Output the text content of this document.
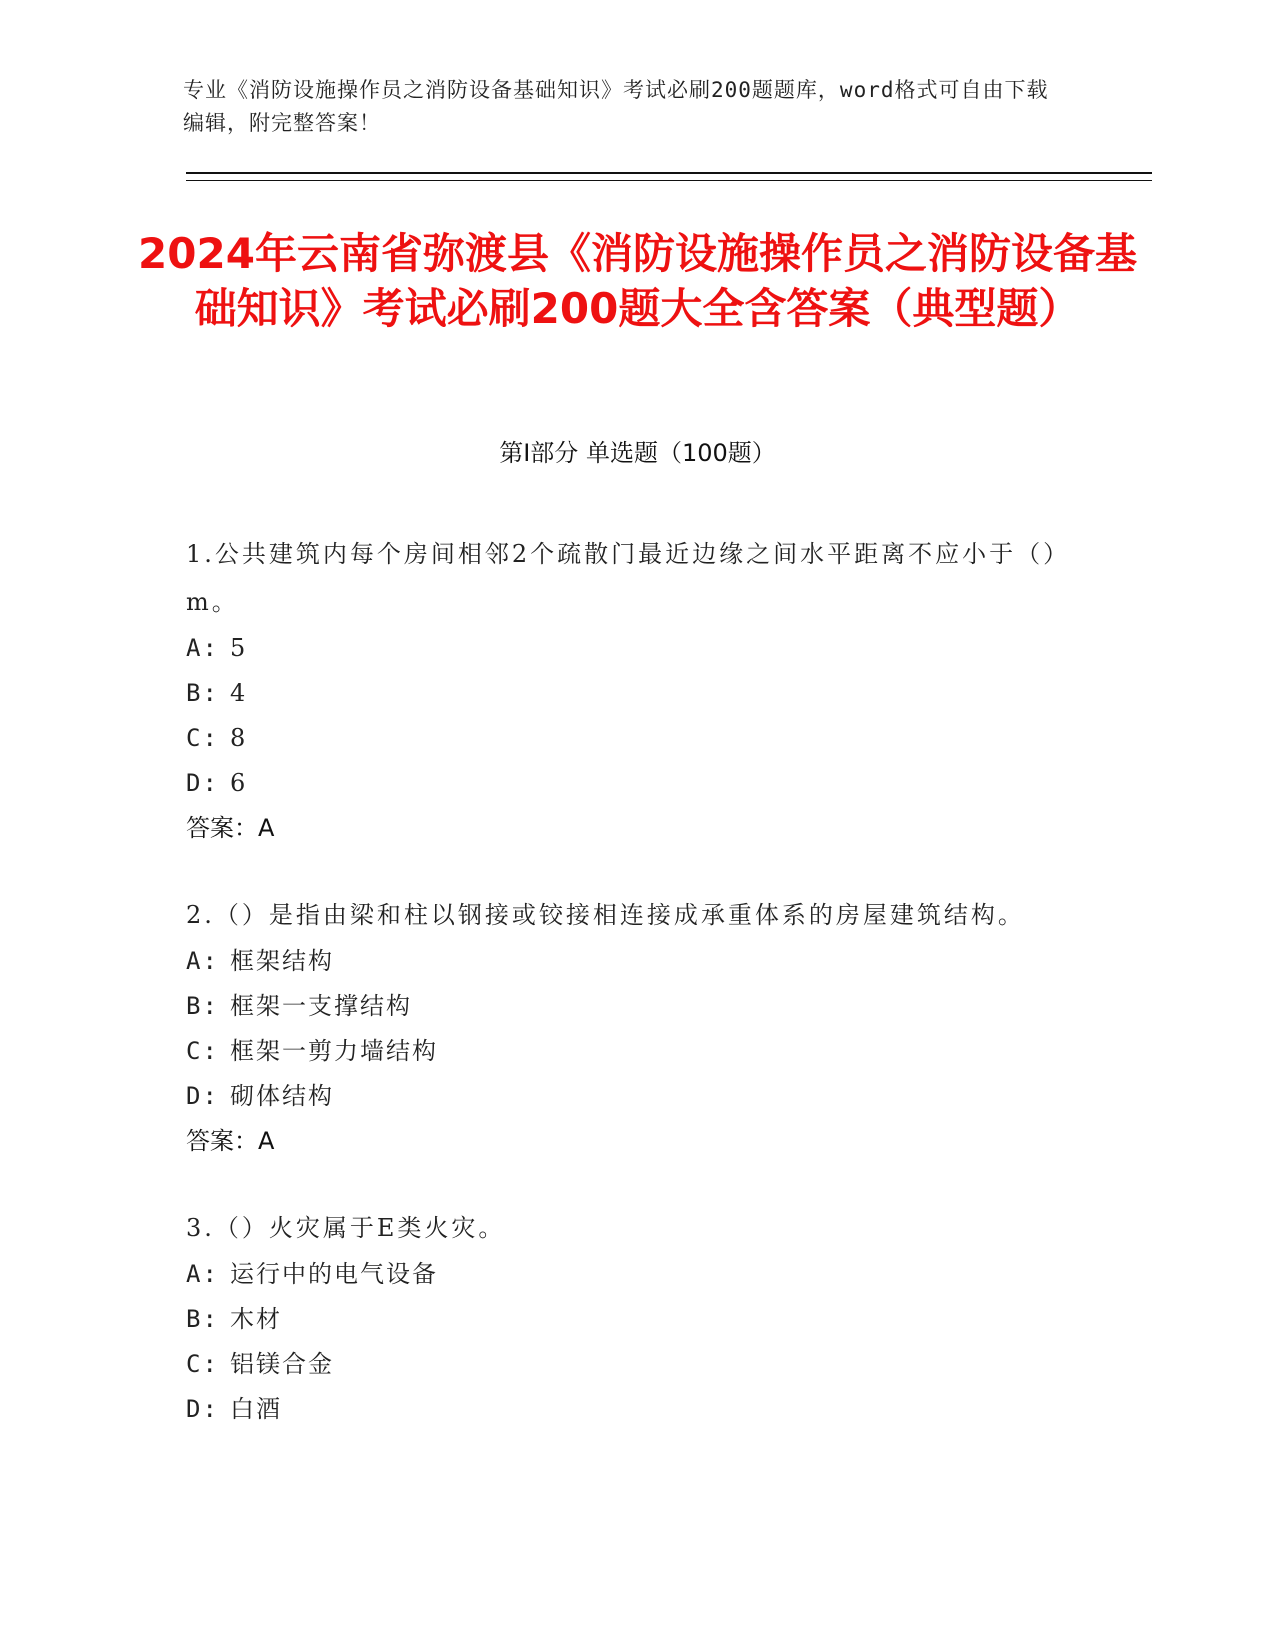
专业《消防设施操作员之消防设备基础知识》考试必刷200题题库，word格式可自由下载编辑，附完整答案！
2024年云南省弥渡县《消防设施操作员之消防设备基础知识》考试必刷200题大全含答案（典型题）
第I部分 单选题（100题）
1.公共建筑内每个房间相邻2个疏散门最近边缘之间水平距离不应小于（）m。
A: 5
B: 4
C: 8
D: 6
答案：A
2.（）是指由梁和柱以钢接或铰接相连接成承重体系的房屋建筑结构。
A: 框架结构
B: 框架一支撑结构
C: 框架一剪力墙结构
D: 砌体结构
答案：A
3.（）火灾属于E类火灾。
A: 运行中的电气设备
B: 木材
C: 铝镁合金
D: 白酒
